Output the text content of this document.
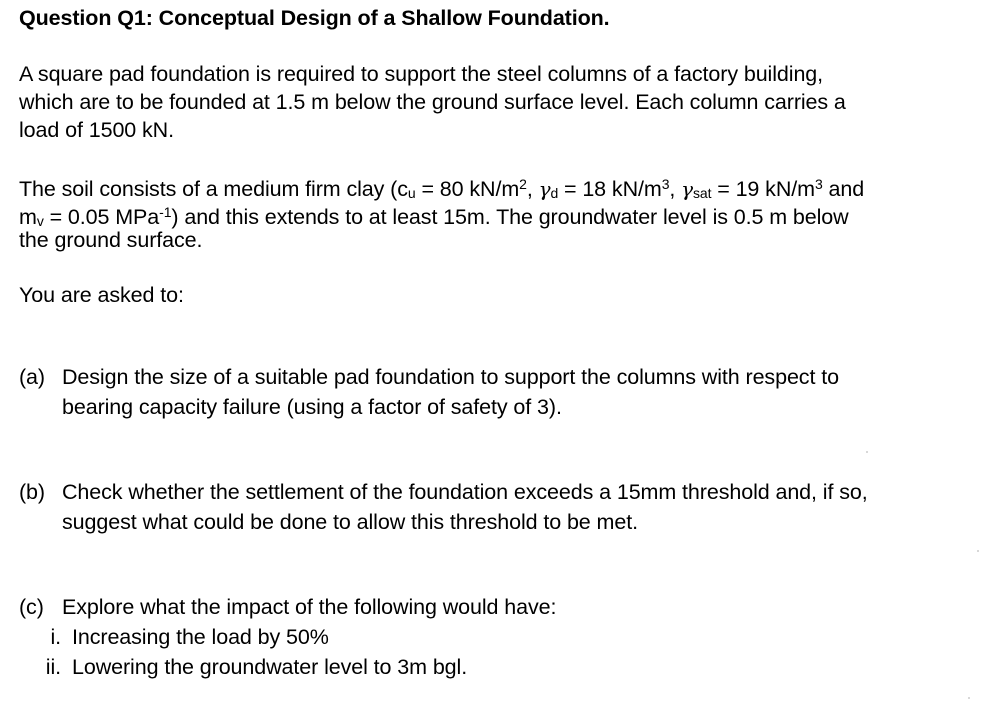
Question Q1: Conceptual Design of a Shallow Foundation.
A square pad foundation is required to support the steel columns of a factory building,
which are to be founded at 1.5 m below the ground surface level. Each column carries a
load of 1500 kN.
The soil consists of a medium firm clay (cu = 80 $kN/m^2$, γd = 18 $kN/m^3$, γsat = 19 $kN/m^3$ and
mv = 0.05 MPa$^{-1}$) and this extends to at least 15m. The groundwater level is 0.5 m below
the ground surface.
You are asked to:
(a) Design the size of a suitable pad foundation to support the columns with respect to
bearing capacity failure (using a factor of safety of 3).
(b) Check whether the settlement of the foundation exceeds a 15mm threshold and, if so,
suggest what could be done to allow this threshold to be met.
(c) Explore what the impact of the following would have:
i. Increasing the load by 50%
ii. Lowering the groundwater level to 3m bgl.
